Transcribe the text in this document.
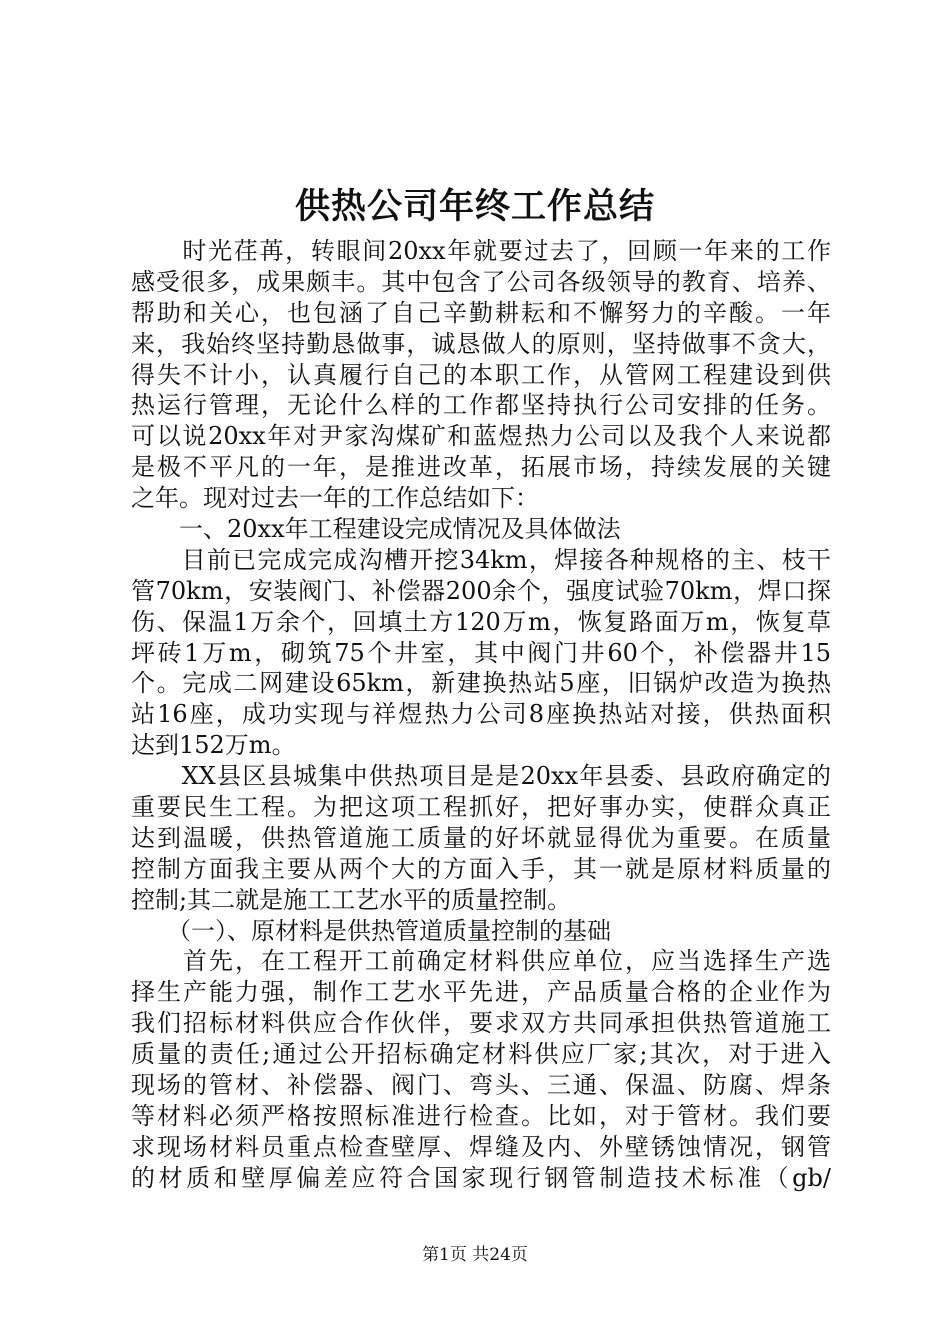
供热公司年终工作总结
　　时光荏苒，转眼间20xx年就要过去了，回顾一年来的工作
感受很多，成果颇丰。其中包含了公司各级领导的教育、培养、
帮助和关心，也包涵了自己辛勤耕耘和不懈努力的辛酸。一年
来，我始终坚持勤恳做事，诚恳做人的原则，坚持做事不贪大，
得失不计小，认真履行自己的本职工作，从管网工程建设到供
热运行管理，无论什么样的工作都坚持执行公司安排的任务。
可以说20xx年对尹家沟煤矿和蓝煜热力公司以及我个人来说都
是极不平凡的一年，是推进改革，拓展市场，持续发展的关键
之年。现对过去一年的工作总结如下：
　　一、20xx年工程建设完成情况及具体做法
　　目前已完成完成沟槽开挖34km，焊接各种规格的主、枝干
管70km，安装阀门、补偿器200余个，强度试验70km，焊口探
伤、保温1万余个，回填土方120万m，恢复路面万m，恢复草
坪砖1万m，砌筑75个井室，其中阀门井60个，补偿器井15
个。完成二网建设65km，新建换热站5座，旧锅炉改造为换热
站16座，成功实现与祥煜热力公司8座换热站对接，供热面积
达到152万m。
　　XX县区县城集中供热项目是是20xx年县委、县政府确定的
重要民生工程。为把这项工程抓好，把好事办实，使群众真正
达到温暖，供热管道施工质量的好坏就显得优为重要。在质量
控制方面我主要从两个大的方面入手，其一就是原材料质量的
控制;其二就是施工工艺水平的质量控制。
　　（一）、原材料是供热管道质量控制的基础
　　首先，在工程开工前确定材料供应单位，应当选择生产选
择生产能力强，制作工艺水平先进，产品质量合格的企业作为
我们招标材料供应合作伙伴，要求双方共同承担供热管道施工
质量的责任;通过公开招标确定材料供应厂家;其次，对于进入
现场的管材、补偿器、阀门、弯头、三通、保温、防腐、焊条
等材料必须严格按照标准进行检查。比如，对于管材。我们要
求现场材料员重点检查壁厚、焊缝及内、外壁锈蚀情况，钢管
的材质和壁厚偏差应符合国家现行钢管制造技术标准（gb/
第1页 共24页
